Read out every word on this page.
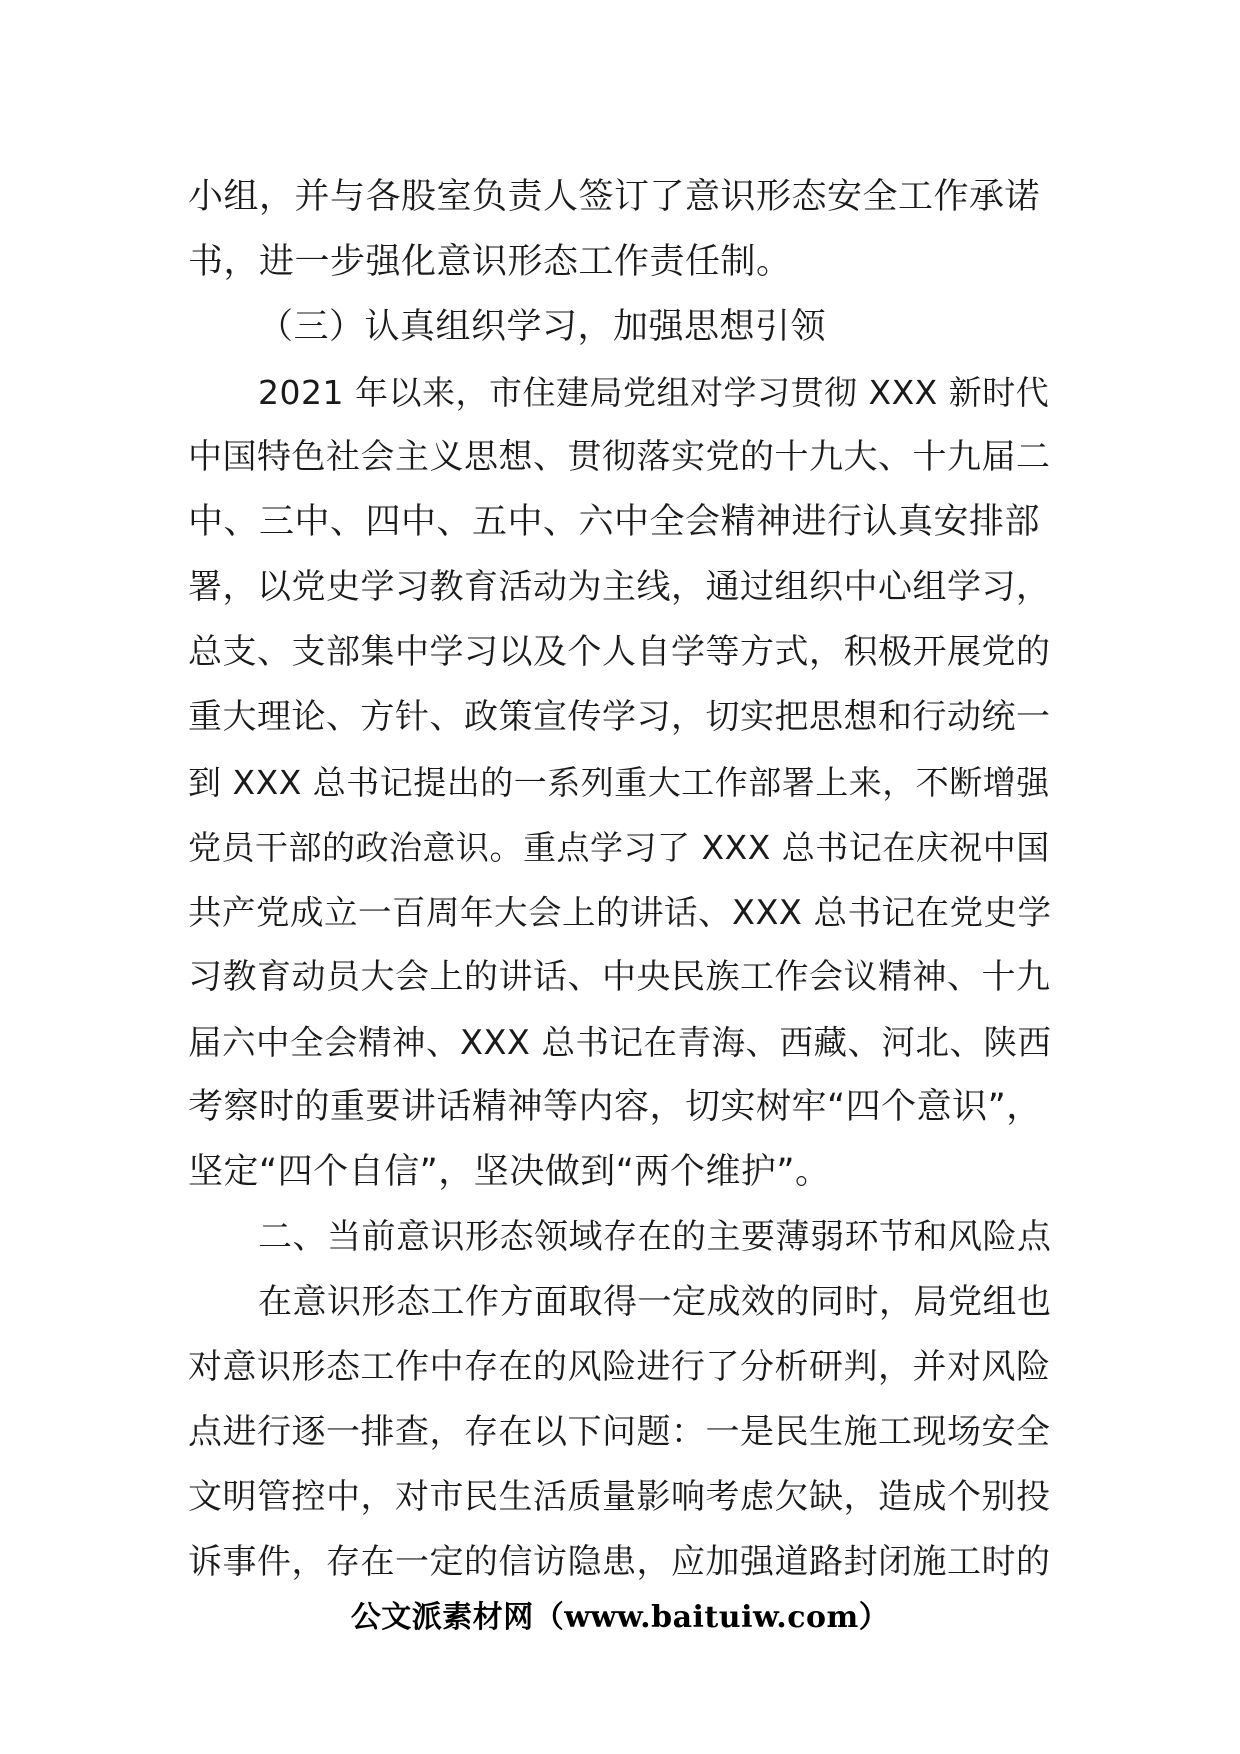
小组，并与各股室负责人签订了意识形态安全工作承诺
书，进一步强化意识形态工作责任制。
（三）认真组织学习，加强思想引领
2021 年以来，市住建局党组对学习贯彻 XXX 新时代
中国特色社会主义思想、贯彻落实党的十九大、十九届二
中、三中、四中、五中、六中全会精神进行认真安排部
署，以党史学习教育活动为主线，通过组织中心组学习，
总支、支部集中学习以及个人自学等方式，积极开展党的
重大理论、方针、政策宣传学习，切实把思想和行动统一
到 XXX 总书记提出的一系列重大工作部署上来，不断增强
党员干部的政治意识。重点学习了 XXX 总书记在庆祝中国
共产党成立一百周年大会上的讲话、XXX 总书记在党史学
习教育动员大会上的讲话、中央民族工作会议精神、十九
届六中全会精神、XXX 总书记在青海、西藏、河北、陕西
考察时的重要讲话精神等内容，切实树牢“四个意识”，
坚定“四个自信”，坚决做到“两个维护”。
二、当前意识形态领域存在的主要薄弱环节和风险点
在意识形态工作方面取得一定成效的同时，局党组也
对意识形态工作中存在的风险进行了分析研判，并对风险
点进行逐一排查，存在以下问题：一是民生施工现场安全
文明管控中，对市民生活质量影响考虑欠缺，造成个别投
诉事件，存在一定的信访隐患，应加强道路封闭施工时的
公文派素材网（www.baituiw.com）
